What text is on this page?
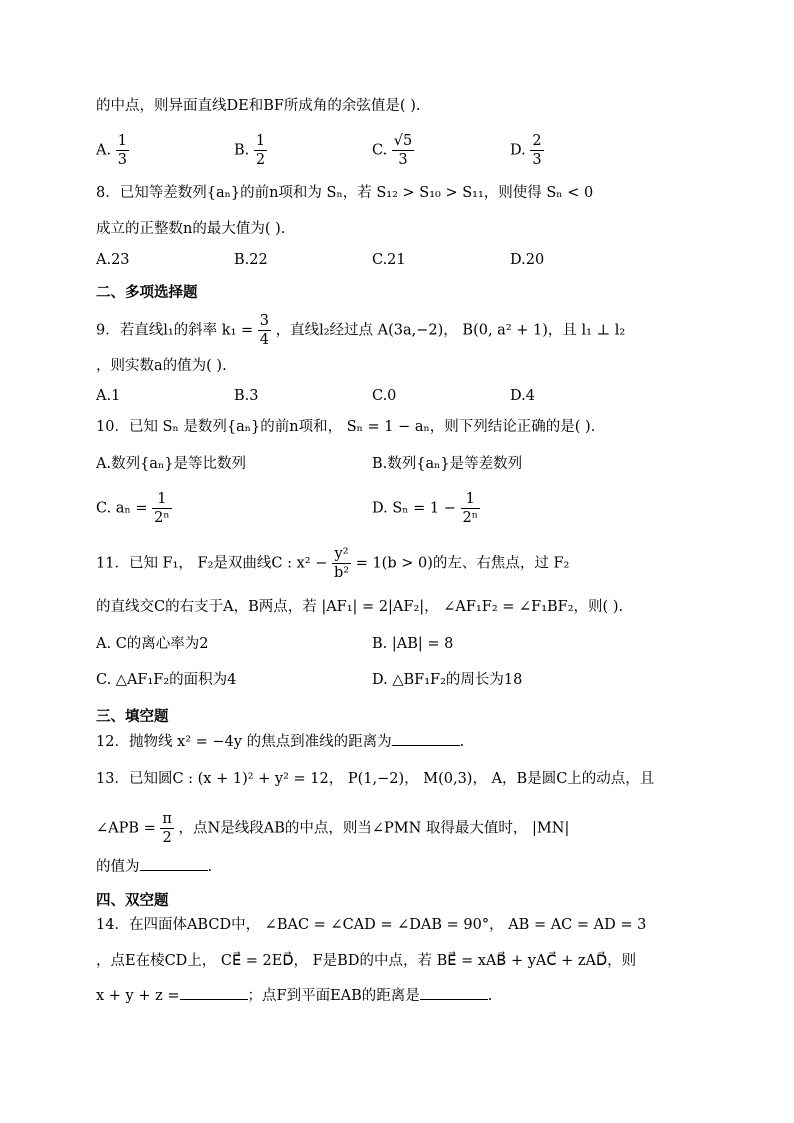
的中点，则异面直线DE和BF所成角的余弦值是( ).
A. $\frac{1}{3}$	B. $\frac{1}{2}$	C. $\frac{√5}{3}$	D. $\frac{2}{3}$
8．已知等差数列{aₙ}的前n项和为 Sₙ，若 S₁₂ > S₁₀ > S₁₁，则使得 Sₙ < 0
成立的正整数n的最大值为( ).
A.23	B.22	C.21	D.20
二、多项选择题
9．若直线l₁的斜率 $k_1 = \frac{3}{4}$ ，直线l₂经过点 A(3a,−2)， B(0, a² + 1)，且 l₁ ⊥ l₂
，则实数a的值为( ).
A.1	B.3	C.0	D.4
10．已知 Sₙ 是数列{aₙ}的前n项和， Sₙ = 1 − aₙ，则下列结论正确的是( ).
A.数列{aₙ}是等比数列	B.数列{aₙ}是等差数列
C. $a_n = \frac{1}{\text{2ⁿ}}$	D. $S_n = 1 - \frac{1}{\text{2ⁿ}}$
11．已知 F₁， F₂是双曲线C : $x^2 - \frac{\text{y²}}{\text{b²}} = 1(b > 0)$的左、右焦点，过 F₂
的直线交C的右支于A，B两点，若 |AF₁| = 2|AF₂|， ∠AF₁F₂ = ∠F₁BF₂，则( ).
A. C的离心率为2	B. |AB| = 8
C. △AF₁F₂的面积为4	D. △BF₁F₂的周长为18
三、填空题
12．抛物线 x² = −4y 的焦点到准线的距离为	.
13．已知圆C : (x + 1)² + y² = 12， P(1,−2)， M(0,3)， A，B是圆C上的动点，且
∠APB = $\frac{\pi}{2}$ ，点N是线段AB的中点，则当∠PMN 取得最大值时， |MN|
的值为	.
四、双空题
14．在四面体ABCD中， ∠BAC = ∠CAD = ∠DAB = 90°， AB = AC = AD = 3
，点E在棱CD上， CE⃗ = 2ED⃗， F是BD的中点，若 BE⃗ = xAB⃗ + yAC⃗ + zAD⃗，则
x + y + z =	；点F到平面EAB的距离是	.
